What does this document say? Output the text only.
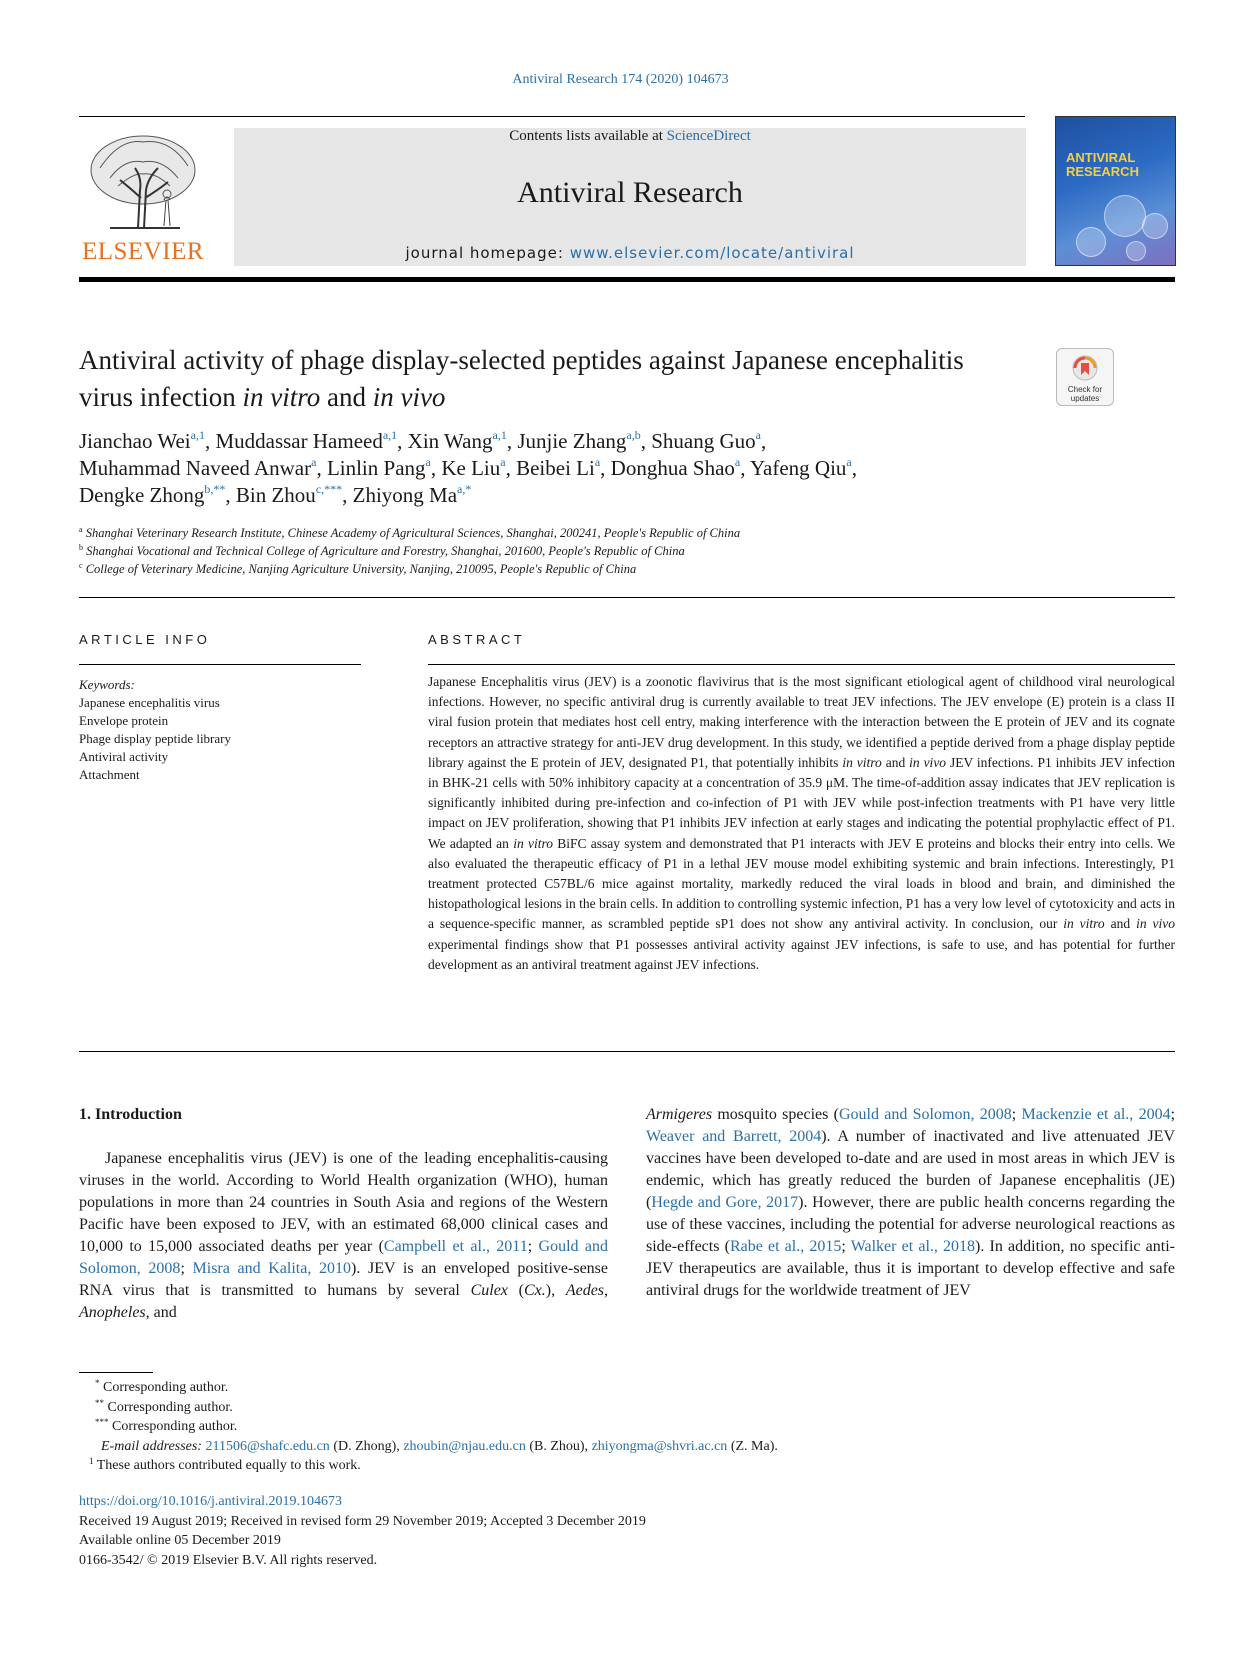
Antiviral Research 174 (2020) 104673
ELSEVIER
Contents lists available at ScienceDirect
Antiviral Research
journal homepage: www.elsevier.com/locate/antiviral
ANTIVIRAL
RESEARCH
Check for
updates
Antiviral activity of phage display-selected peptides against Japanese encephalitis virus infection in vitro and in vivo
Jianchao Wei$^{a,1}$, Muddassar Hameed$^{a,1}$, Xin Wang$^{a,1}$, Junjie Zhang$^{a,b}$, Shuang Guo$^a$,
Muhammad Naveed Anwar$^a$, Linlin Pang$^a$, Ke Liu$^a$, Beibei Li$^a$, Donghua Shao$^a$, Yafeng Qiu$^a$,
Dengke Zhong$^{b,**}$, Bin Zhou$^{c,***}$, Zhiyong $Ma^{a,*}$
$^a$ Shanghai Veterinary Research Institute, Chinese Academy of Agricultural Sciences, Shanghai, 200241, People's Republic of China
$^b$ Shanghai Vocational and Technical College of Agriculture and Forestry, Shanghai, 201600, People's Republic of China
$^c$ College of Veterinary Medicine, Nanjing Agriculture University, Nanjing, 210095, People's Republic of China
ARTICLE INFO
Keywords:
Japanese encephalitis virus
Envelope protein
Phage display peptide library
Antiviral activity
Attachment
ABSTRACT
Japanese Encephalitis virus (JEV) is a zoonotic flavivirus that is the most significant etiological agent of childhood viral neurological infections. However, no specific antiviral drug is currently available to treat JEV infections. The JEV envelope (E) protein is a class II viral fusion protein that mediates host cell entry, making interference with the interaction between the E protein of JEV and its cognate receptors an attractive strategy for anti-JEV drug development. In this study, we identified a peptide derived from a phage display peptide library against the E protein of JEV, designated P1, that potentially inhibits in vitro and in vivo JEV infections. P1 inhibits JEV infection in BHK-21 cells with 50% inhibitory capacity at a concentration of 35.9 μM. The time-of-addition assay indicates that JEV replication is significantly inhibited during pre-infection and co-infection of P1 with JEV while post-infection treatments with P1 have very little impact on JEV proliferation, showing that P1 inhibits JEV infection at early stages and indicating the potential prophylactic effect of P1. We adapted an in vitro BiFC assay system and demonstrated that P1 interacts with JEV E proteins and blocks their entry into cells. We also evaluated the therapeutic efficacy of P1 in a lethal JEV mouse model exhibiting systemic and brain infections. Interestingly, P1 treatment protected C57BL/6 mice against mortality, markedly reduced the viral loads in blood and brain, and diminished the histopathological lesions in the brain cells. In addition to controlling systemic infection, P1 has a very low level of cytotoxicity and acts in a sequence-specific manner, as scrambled peptide sP1 does not show any antiviral activity. In conclusion, our in vitro and in vivo experimental findings show that P1 possesses antiviral activity against JEV infections, is safe to use, and has potential for further development as an antiviral treatment against JEV infections.
1. Introduction
Japanese encephalitis virus (JEV) is one of the leading encephalitis-causing viruses in the world. According to World Health organization (WHO), human populations in more than 24 countries in South Asia and regions of the Western Pacific have been exposed to JEV, with an estimated 68,000 clinical cases and 10,000 to 15,000 associated deaths per year (Campbell et al., 2011; Gould and Solomon, 2008; Misra and Kalita, 2010). JEV is an enveloped positive-sense RNA virus that is transmitted to humans by several Culex (Cx.), Aedes, Anopheles, and
Armigeres mosquito species (Gould and Solomon, 2008; Mackenzie et al., 2004; Weaver and Barrett, 2004). A number of inactivated and live attenuated JEV vaccines have been developed to-date and are used in most areas in which JEV is endemic, which has greatly reduced the burden of Japanese encephalitis (JE) (Hegde and Gore, 2017). However, there are public health concerns regarding the use of these vaccines, including the potential for adverse neurological reactions as side-effects (Rabe et al., 2015; Walker et al., 2018). In addition, no specific anti-JEV therapeutics are available, thus it is important to develop effective and safe antiviral drugs for the worldwide treatment of JEV
* Corresponding author.
** Corresponding author.
*** Corresponding author.
E-mail addresses: 211506@shafc.edu.cn (D. Zhong), zhoubin@njau.edu.cn (B. Zhou), zhiyongma@shvri.ac.cn (Z. Ma).
$^1$ These authors contributed equally to this work.
https://doi.org/10.1016/j.antiviral.2019.104673
Received 19 August 2019; Received in revised form 29 November 2019; Accepted 3 December 2019
Available online 05 December 2019
0166-3542/ © 2019 Elsevier B.V. All rights reserved.
